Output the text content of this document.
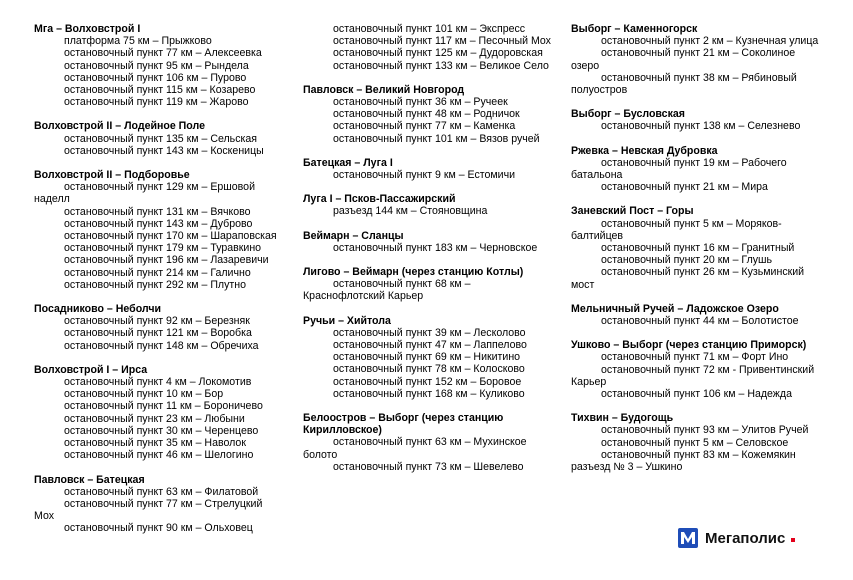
Мга – Волховстрой I
платформа 75 км – Прыжково
остановочный пункт 77 км – Алексеевка
остановочный пункт 95 км – Рындела
остановочный пункт 106 км – Пурово
остановочный пункт 115 км – Козарево
остановочный пункт 119 км – Жарово
Волховстрой II – Лодейное Поле
остановочный пункт 135 км – Сельская
остановочный пункт 143 км – Коскеницы
Волховстрой II – Подборовье
остановочный пункт 129 км – Ершовой наделл
остановочный пункт 131 км – Вячково
остановочный пункт 143 км – Дуброво
остановочный пункт 170 км – Шараповская
остановочный пункт 179 км – Туравкино
остановочный пункт 196 км – Лазаревичи
остановочный пункт 214 км – Галично
остановочный пункт 292 км – Плутно
Посадниково – Неболчи
остановочный пункт 92 км – Березняк
остановочный пункт 121 км – Воробка
остановочный пункт 148 км – Обречиха
Волховстрой I – Ирса
остановочный пункт 4 км – Локомотив
остановочный пункт 10 км – Бор
остановочный пункт 11 км – Бороничево
остановочный пункт 23 км – Любыни
остановочный пункт 30 км – Черенцево
остановочный пункт 35 км – Наволок
остановочный пункт 46 км – Шелогино
Павловск – Батецкая
остановочный пункт 63 км – Филатовой
остановочный пункт 77 км – Стрелуцкий Мох
остановочный пункт 90 км – Ольховец
остановочный пункт 101 км – Экспресс
остановочный пункт 117 км – Песочный Мох
остановочный пункт 125 км – Дудоровская
остановочный пункт 133 км – Великое Село
Павловск – Великий Новгород
остановочный пункт 36 км – Ручеек
остановочный пункт 48 км – Родничок
остановочный пункт 77 км – Каменка
остановочный пункт 101 км – Вязов ручей
Батецкая – Луга I
остановочный пункт 9 км – Естомичи
Луга I – Псков-Пассажирский
разъезд 144 км – Стояновщина
Веймарн – Сланцы
остановочный пункт 183 км – Черновское
Лигово – Веймарн (через станцию Котлы)
остановочный пункт 68 км – Краснофлотский Карьер
Ручьи – Хийтола
остановочный пункт 39 км – Лесколово
остановочный пункт 47 км – Лаппелово
остановочный пункт 69 км – Никитино
остановочный пункт 78 км – Колосково
остановочный пункт 152 км – Боровое
остановочный пункт 168 км – Куликово
Белоостров – Выборг (через станцию Кирилловское)
остановочный пункт 63 км – Мухинское болото
остановочный пункт 73 км – Шевелево
Выборг – Каменногорск
остановочный пункт 2 км – Кузнечная улица
остановочный пункт 21 км – Соколиное озеро
остановочный пункт 38 км – Рябиновый полуостров
Выборг – Бусловская
остановочный пункт 138 км – Селезнево
Ржевка – Невская Дубровка
остановочный пункт 19 км – Рабочего батальона
остановочный пункт 21 км – Мира
Заневский Пост – Горы
остановочный пункт 5 км – Моряков-балтийцев
остановочный пункт 16 км – Гранитный
остановочный пункт 20 км – Глушь
остановочный пункт 26 км – Кузьминский мост
Мельничный Ручей – Ладожское Озеро
остановочный пункт 44 км – Болотистое
Ушково – Выборг (через станцию Приморск)
остановочный пункт 71 км – Форт Ино
остановочный пункт 72 км - Привентинский Карьер
остановочный пункт 106 км – Надежда
Тихвин – Будогощь
остановочный пункт 93 км – Улитов Ручей
остановочный пункт 5 км – Селовское
остановочный пункт 83 км – Кожемякин разъезд № 3 – Ушкино
Мегаполис
